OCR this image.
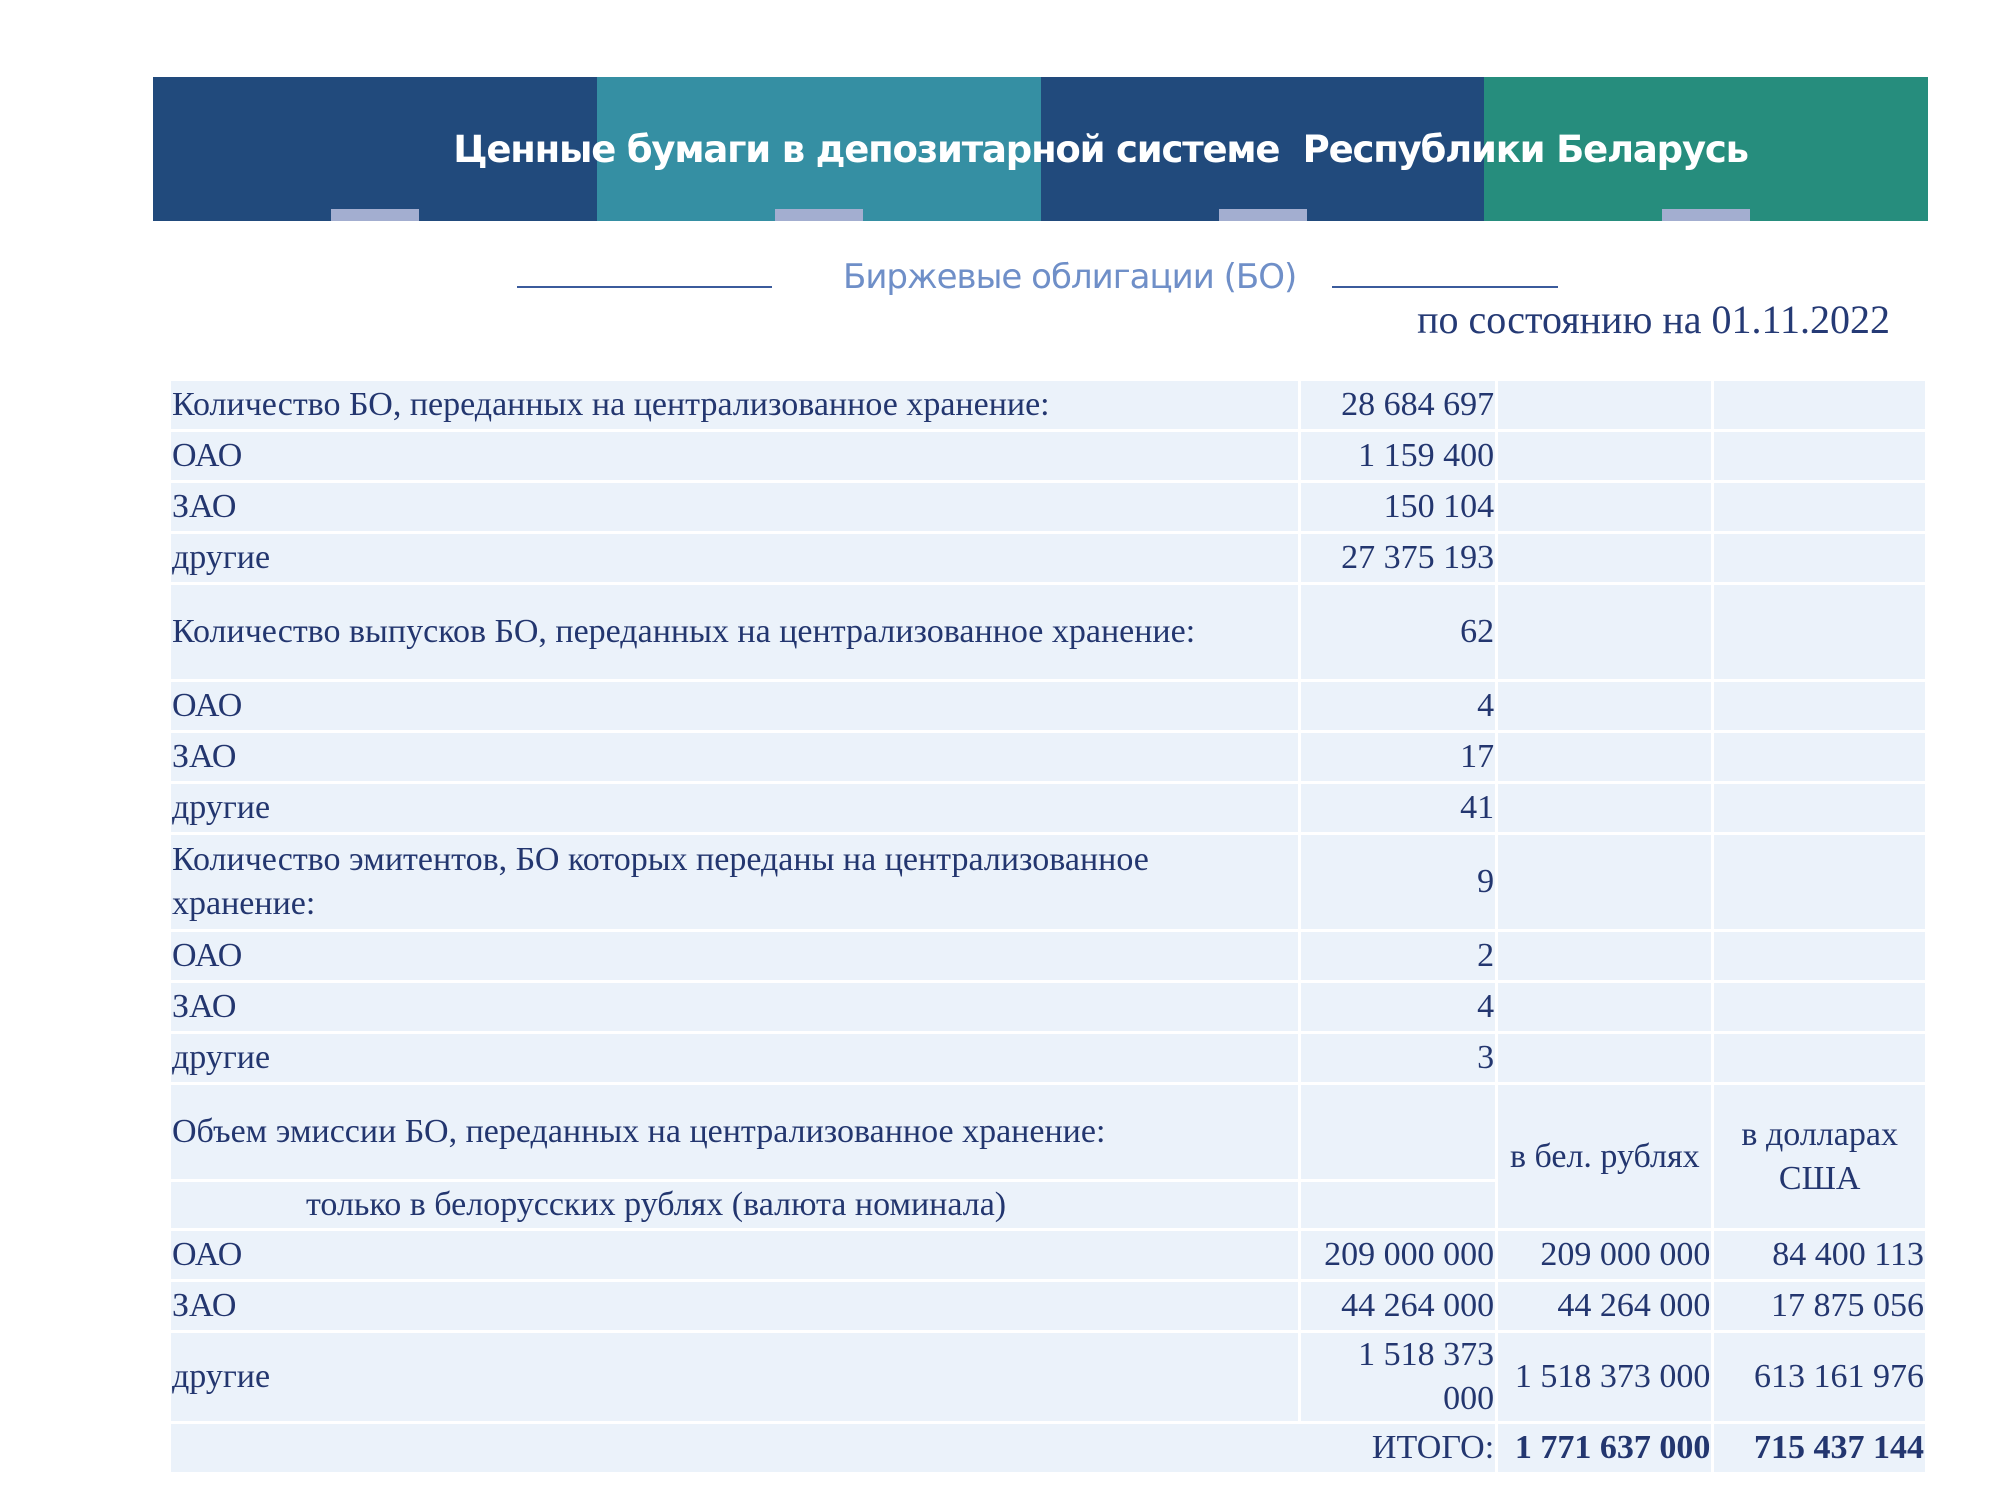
Ценные бумаги в депозитарной системе  Республики Беларусь
Биржевые облигации (БО)
по состоянию на 01.11.2022
Количество БО, переданных на централизованное хранение:	28 684 697		
ОАО	1 159 400		
ЗАО	150 104		
другие	27 375 193		
Количество выпусков БО, переданных на централизованное хранение:	62		
ОАО	4		
ЗАО	17		
другие	41		
Количество эмитентов, БО которых переданы на централизованное хранение:	9		
ОАО	2		
ЗАО	4		
другие	3		
Объем эмиссии БО, переданных на централизованное хранение:		в бел. рублях	в долларах США
только в белорусских рублях (валюта номинала)			
ОАО	209 000 000	209 000 000	84 400 113
ЗАО	44 264 000	44 264 000	17 875 056
другие	1 518 373 000	1 518 373 000	613 161 976
ИТОГО:		1 771 637 000	715 437 144
